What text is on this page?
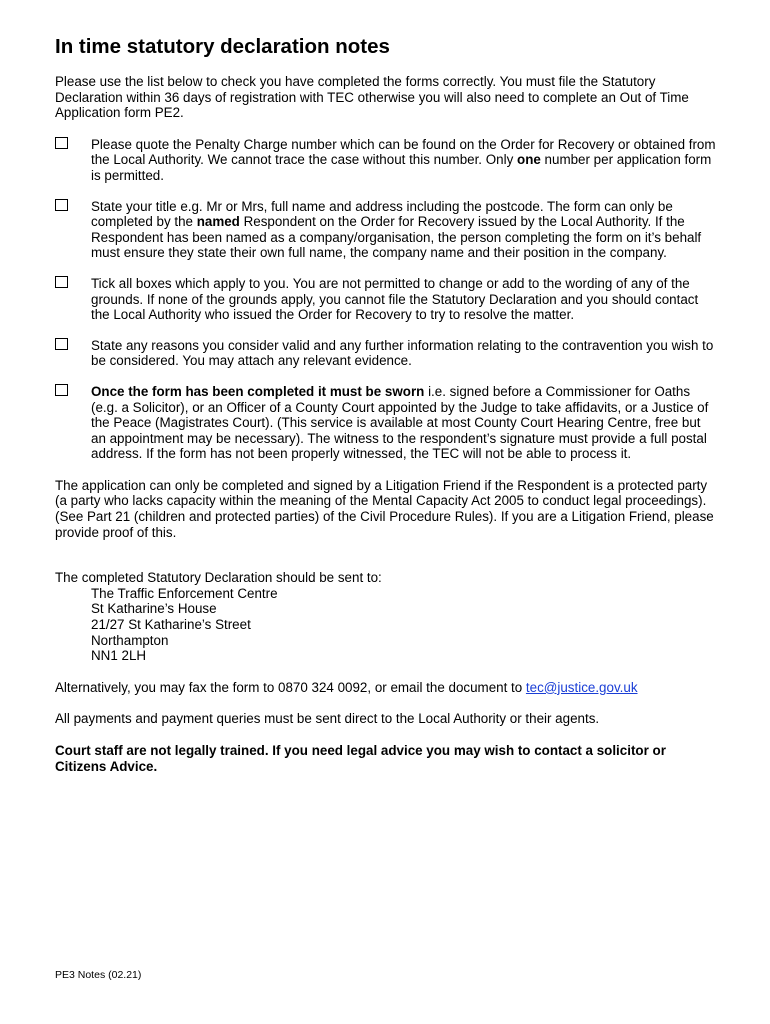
In time statutory declaration notes

Please use the list below to check you have completed the forms correctly. You must file the Statutory Declaration within 36 days of registration with TEC otherwise you will also need to complete an Out of Time Application form PE2.

Please quote the Penalty Charge number which can be found on the Order for Recovery or obtained from the Local Authority. We cannot trace the case without this number. Only one number per application form is permitted.

State your title e.g. Mr or Mrs, full name and address including the postcode. The form can only be completed by the named Respondent on the Order for Recovery issued by the Local Authority. If the Respondent has been named as a company/organisation, the person completing the form on it’s behalf must ensure they state their own full name, the company name and their position in the company.

Tick all boxes which apply to you. You are not permitted to change or add to the wording of any of the grounds. If none of the grounds apply, you cannot file the Statutory Declaration and you should contact the Local Authority who issued the Order for Recovery to try to resolve the matter.

State any reasons you consider valid and any further information relating to the contravention you wish to be considered. You may attach any relevant evidence.

Once the form has been completed it must be sworn i.e. signed before a Commissioner for Oaths (e.g. a Solicitor), or an Officer of a County Court appointed by the Judge to take affidavits, or a Justice of the Peace (Magistrates Court). (This service is available at most County Court Hearing Centre, free but an appointment may be necessary). The witness to the respondent’s signature must provide a full postal address. If the form has not been properly witnessed, the TEC will not be able to process it.

The application can only be completed and signed by a Litigation Friend if the Respondent is a protected party (a party who lacks capacity within the meaning of the Mental Capacity Act 2005 to conduct legal proceedings). (See Part 21 (children and protected parties) of the Civil Procedure Rules). If you are a Litigation Friend, please provide proof of this.

The completed Statutory Declaration should be sent to:

The Traffic Enforcement Centre

St Katharine’s House

21/27 St Katharine’s Street

Northampton

NN1 2LH

Alternatively, you may fax the form to 0870 324 0092, or email the document to tec@justice.gov.uk

All payments and payment queries must be sent direct to the Local Authority or their agents.

Court staff are not legally trained. If you need legal advice you may wish to contact a solicitor or Citizens Advice.

PE3 Notes (02.21)
